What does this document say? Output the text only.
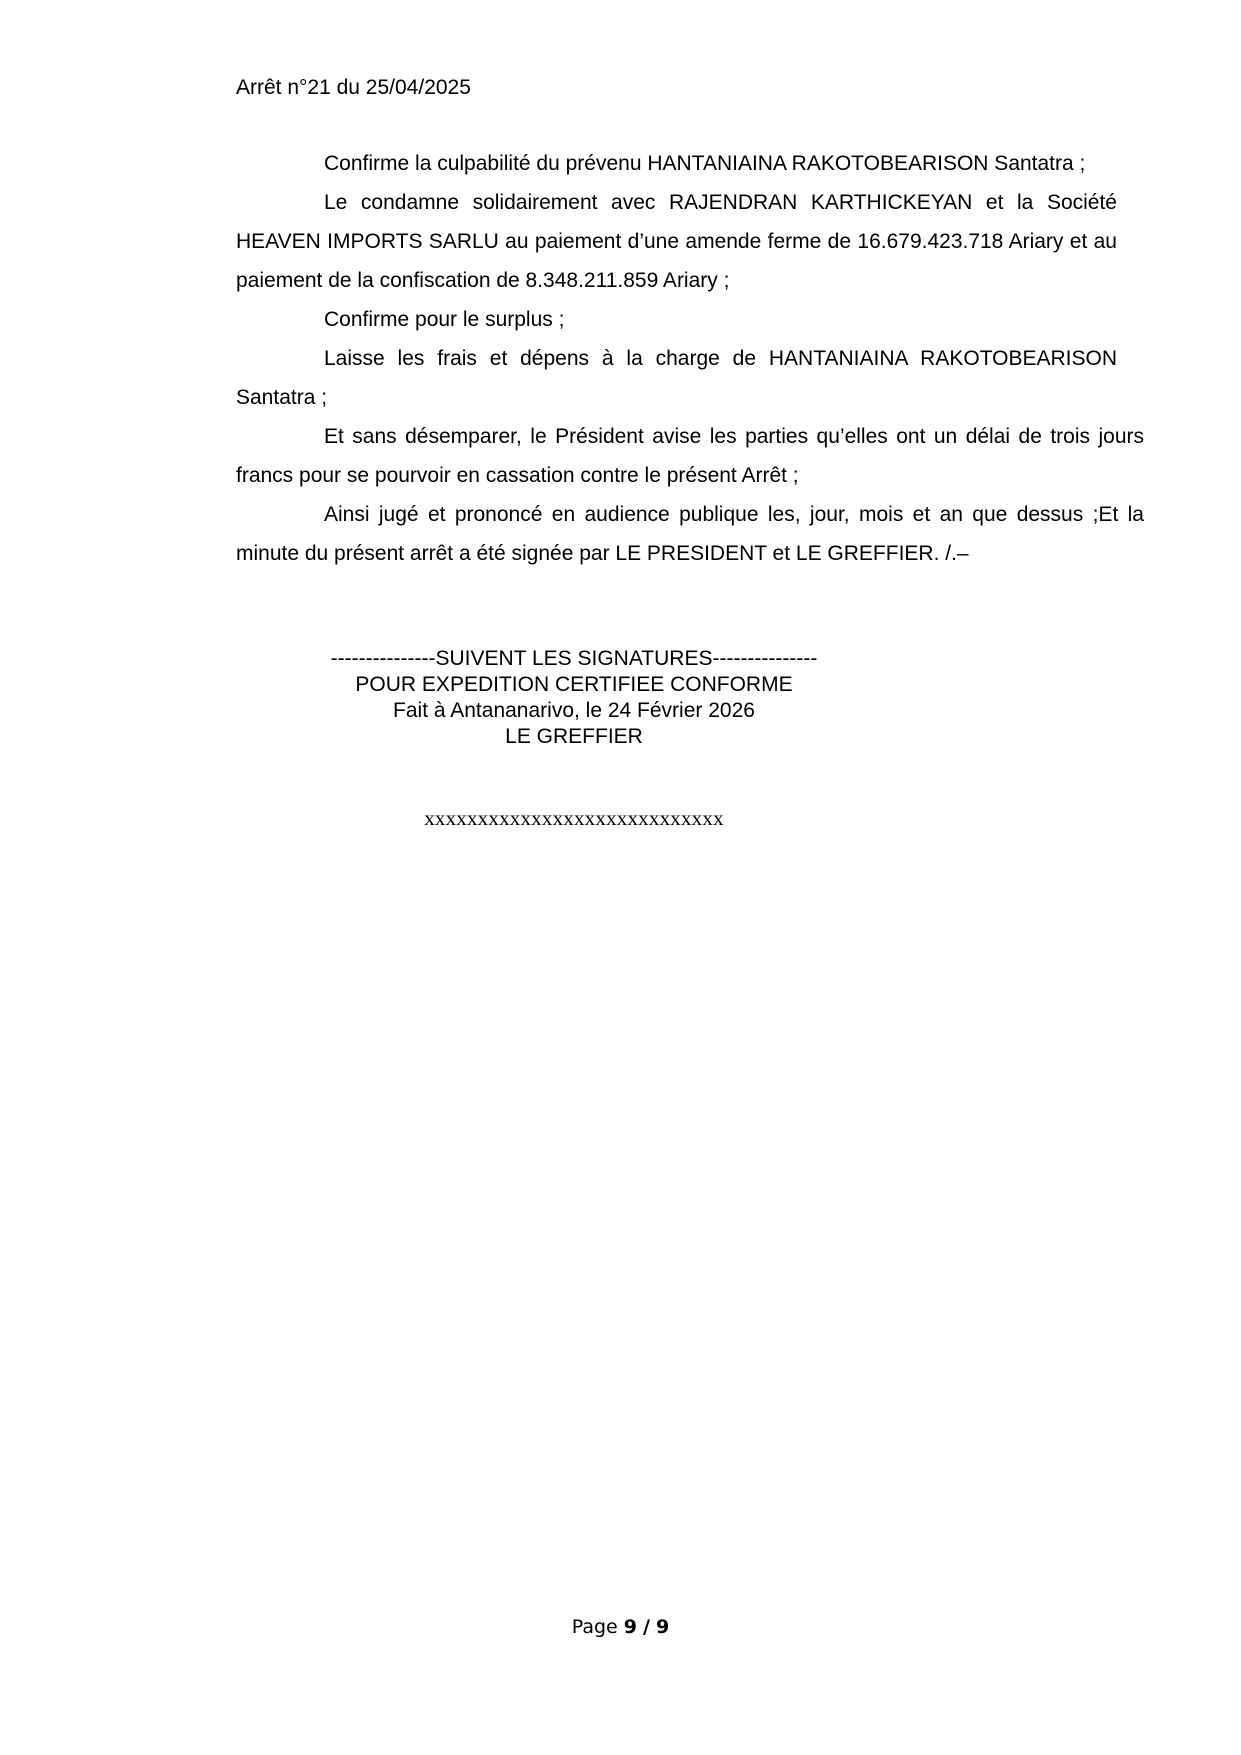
Arrêt n°21 du 25/04/2025

Confirme la culpabilité du prévenu HANTANIAINA RAKOTOBEARISON Santatra ;

Le condamne solidairement avec RAJENDRAN KARTHICKEYAN et la Société HEAVEN IMPORTS SARLU au paiement d’une amende ferme de 16.679.423.718 Ariary et au paiement de la confiscation de 8.348.211.859 Ariary ;

Confirme pour le surplus ;

Laisse les frais et dépens à la charge de HANTANIAINA RAKOTOBEARISON Santatra ;

Et sans désemparer, le Président avise les parties qu’elles ont un délai de trois jours francs pour se pourvoir en cassation contre le présent Arrêt ;

Ainsi jugé et prononcé en audience publique les, jour, mois et an que dessus ;Et la minute du présent arrêt a été signée par LE PRESIDENT et LE GREFFIER. /.–

---------------SUIVENT LES SIGNATURES---------------
POUR EXPEDITION CERTIFIEE CONFORME
Fait à Antananarivo, le 24 Février 2026
LE GREFFIER
xxxxxxxxxxxxxxxxxxxxxxxxxxxx
Page 9 / 9
